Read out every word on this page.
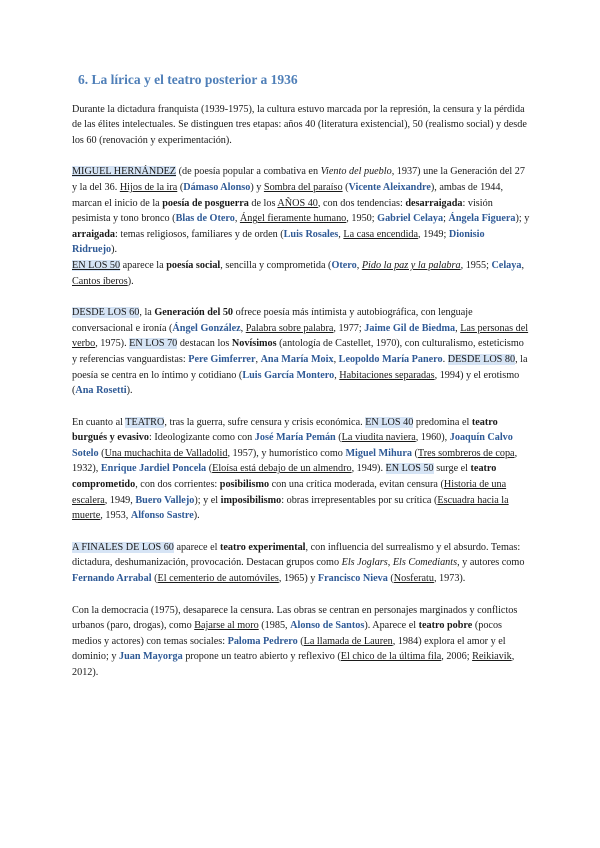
6. La lírica y el teatro posterior a 1936

Durante la dictadura franquista (1939-1975), la cultura estuvo marcada por la represión, la censura y la pérdida de las élites intelectuales. Se distinguen tres etapas: años 40 (literatura existencial), 50 (realismo social) y desde los 60 (renovación y experimentación).

MIGUEL HERNÁNDEZ (de poesía popular a combativa en Viento del pueblo, 1937) une la Generación del 27 y la del 36. Hijos de la ira (Dámaso Alonso) y Sombra del paraíso (Vicente Aleixandre), ambas de 1944, marcan el inicio de la poesía de posguerra de los AÑOS 40, con dos tendencias: desarraigada: visión pesimista y tono bronco (Blas de Otero, Ángel fieramente humano, 1950; Gabriel Celaya; Ángela Figuera); y arraigada: temas religiosos, familiares y de orden (Luis Rosales, La casa encendida, 1949; Dionisio Ridruejo).
EN LOS 50 aparece la poesía social, sencilla y comprometida (Otero, Pido la paz y la palabra, 1955; Celaya, Cantos íberos).

DESDE LOS 60, la Generación del 50 ofrece poesía más íntimista y autobiográfica, con lenguaje conversacional e ironía (Ángel González, Palabra sobre palabra, 1977; Jaime Gil de Biedma, Las personas del verbo, 1975). EN LOS 70 destacan los Novísimos (antología de Castellet, 1970), con culturalismo, esteticismo y referencias vanguardistas: Pere Gimferrer, Ana María Moix, Leopoldo María Panero. DESDE LOS 80, la poesía se centra en lo íntimo y cotidiano (Luis García Montero, Habitaciones separadas, 1994) y el erotismo (Ana Rosetti).

En cuanto al TEATRO, tras la guerra, sufre censura y crisis económica. EN LOS 40 predomina el teatro burgués y evasivo: Ideologizante como con José María Pemán (La viudita naviera, 1960), Joaquín Calvo Sotelo (Una muchachita de Valladolid, 1957), y humorístico como Miguel Mihura (Tres sombreros de copa, 1932), Enrique Jardiel Poncela (Eloísa está debajo de un almendro, 1949). EN LOS 50 surge el teatro comprometido, con dos corrientes: posibilismo con una crítica moderada, evitan censura (Historia de una escalera, 1949, Buero Vallejo); y el imposibilismo: obras irrepresentables por su crítica (Escuadra hacia la muerte, 1953, Alfonso Sastre).

A FINALES DE LOS 60 aparece el teatro experimental, con influencia del surrealismo y el absurdo. Temas: dictadura, deshumanización, provocación. Destacan grupos como Els Joglars, Els Comediants, y autores como Fernando Arrabal (El cementerio de automóviles, 1965) y Francisco Nieva (Nosferatu, 1973).

Con la democracia (1975), desaparece la censura. Las obras se centran en personajes marginados y conflictos urbanos (paro, drogas), como Bajarse al moro (1985, Alonso de Santos). Aparece el teatro pobre (pocos medios y actores) con temas sociales: Paloma Pedrero (La llamada de Lauren, 1984) explora el amor y el dominio; y Juan Mayorga propone un teatro abierto y reflexivo (El chico de la última fila, 2006; Reikiavik, 2012).
